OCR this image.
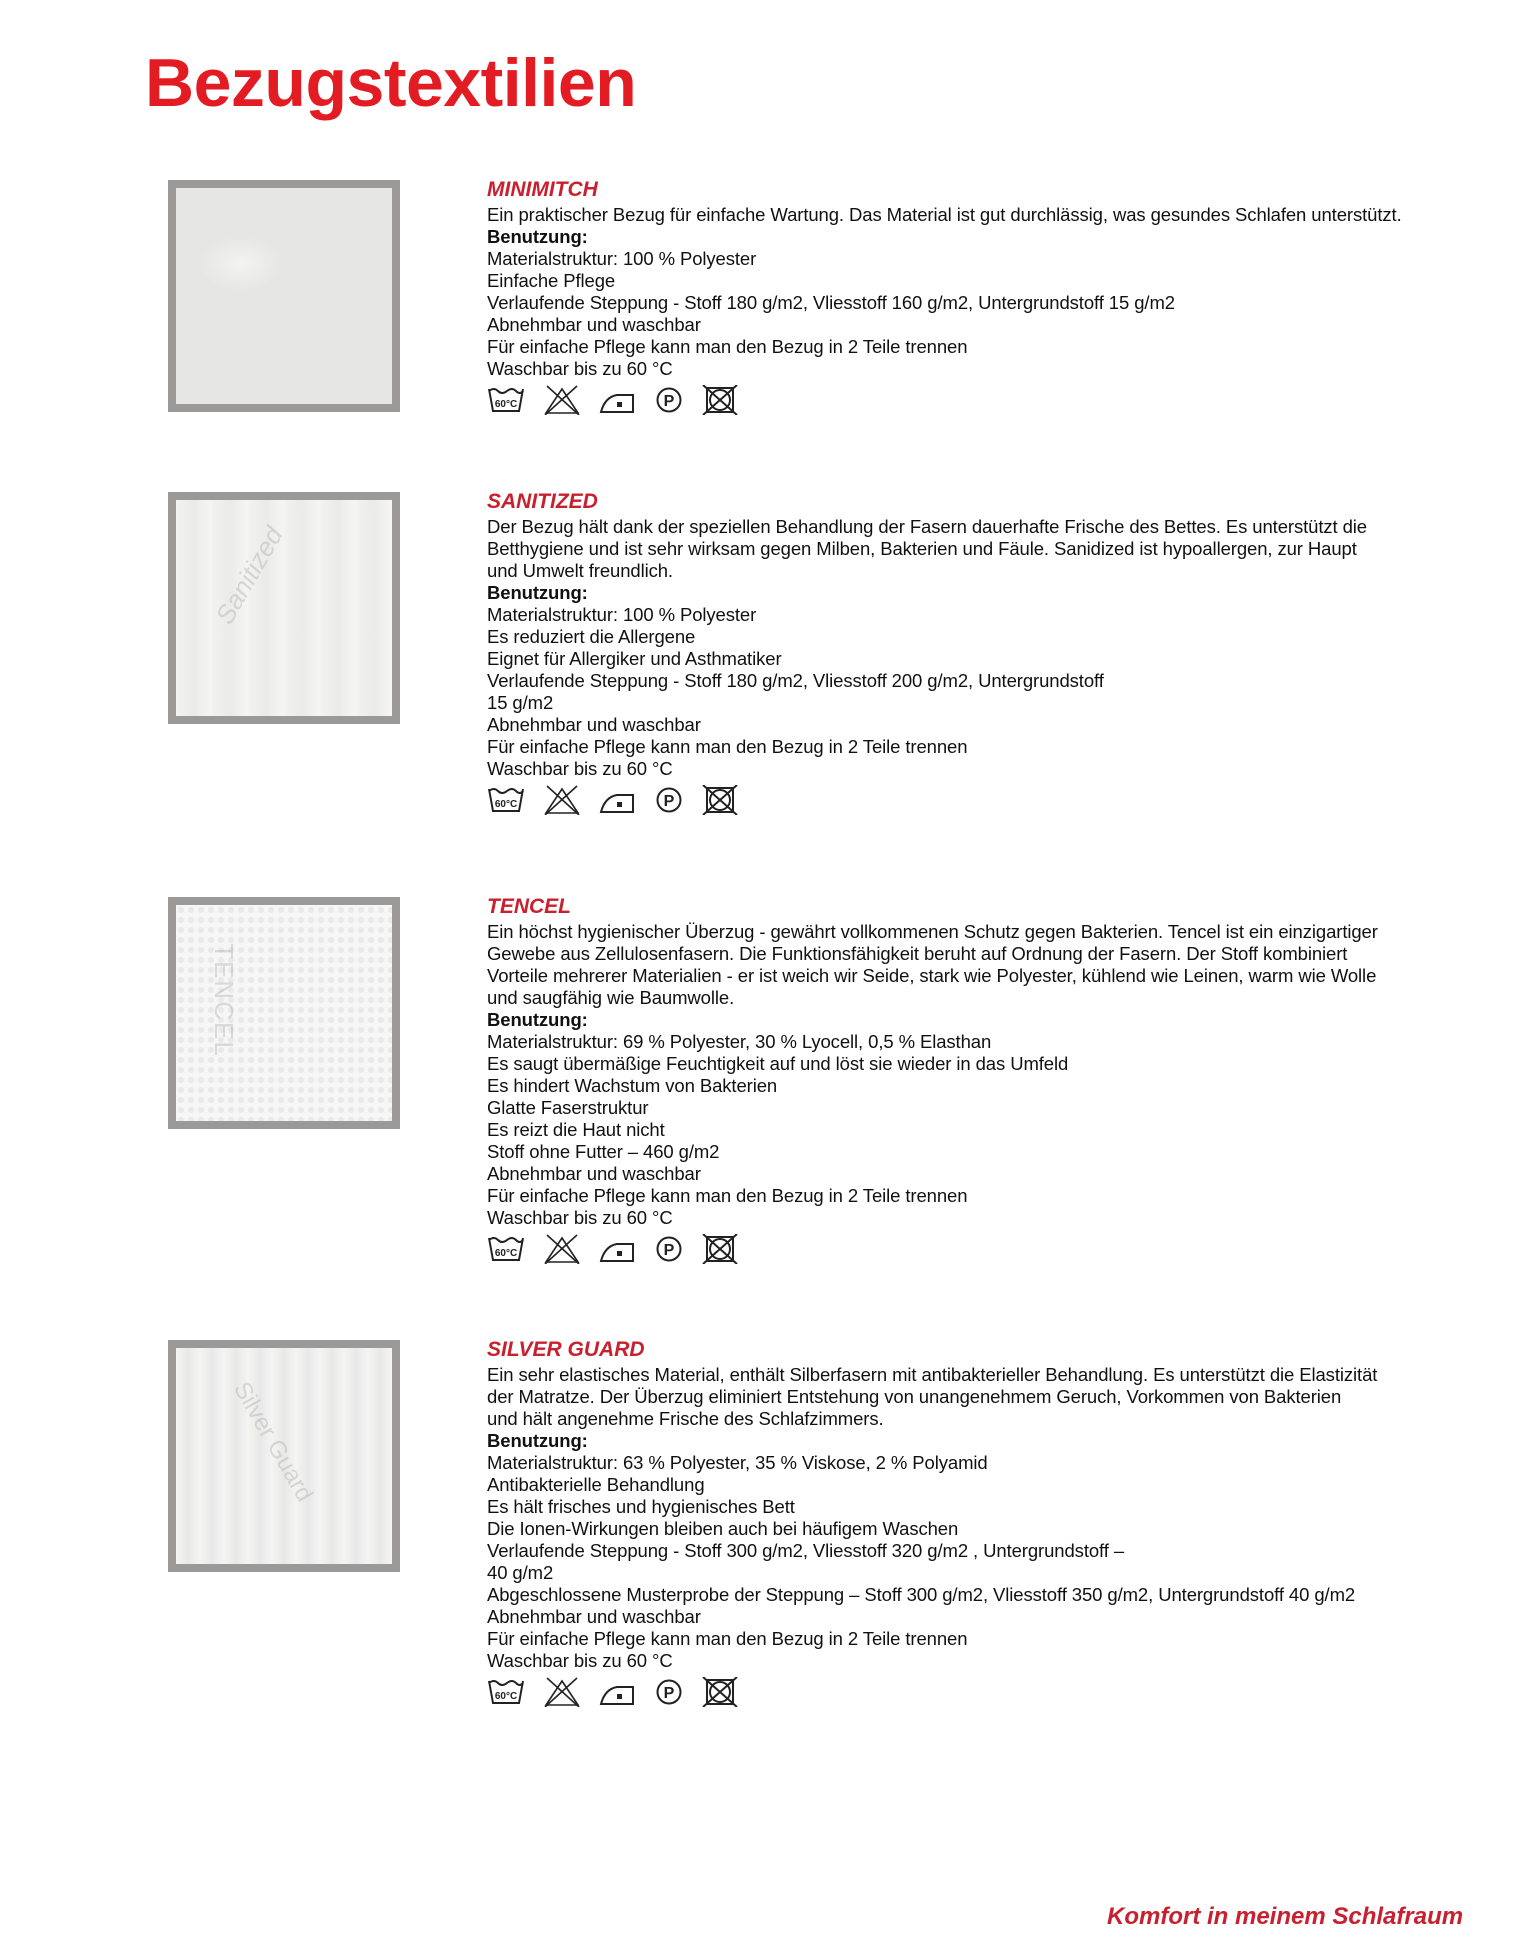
Bezugstextilien
MINIMITCH
Ein praktischer Bezug für einfache Wartung. Das Material ist gut durchlässig, was gesundes Schlafen unterstützt.
Benutzung:
Materialstruktur: 100 % Polyester
Einfache Pflege
Verlaufende Steppung - Stoff 180 g/m2, Vliesstoff 160 g/m2, Untergrundstoff 15 g/m2
Abnehmbar und waschbar
Für einfache Pflege kann man den Bezug in 2 Teile trennen
Waschbar bis zu 60 °C
60°C	P
Sanitized
SANITIZED
Der Bezug hält dank der speziellen Behandlung der Fasern dauerhafte Frische des Bettes. Es unterstützt die
Betthygiene und ist sehr wirksam gegen Milben, Bakterien und Fäule. Sanidized ist hypoallergen, zur Haupt
und Umwelt freundlich.
Benutzung:
Materialstruktur: 100 % Polyester
Es reduziert die Allergene
Eignet für Allergiker und Asthmatiker
Verlaufende Steppung - Stoff 180 g/m2, Vliesstoff 200 g/m2, Untergrundstoff
15 g/m2
Abnehmbar und waschbar
Für einfache Pflege kann man den Bezug in 2 Teile trennen
Waschbar bis zu 60 °C
60°C	P
TENCEL
TENCEL
Ein höchst hygienischer Überzug - gewährt vollkommenen Schutz gegen Bakterien. Tencel ist ein einzigartiger
Gewebe aus Zellulosenfasern. Die Funktionsfähigkeit beruht auf Ordnung der Fasern. Der Stoff kombiniert
Vorteile mehrerer Materialien - er ist weich wir Seide, stark wie Polyester, kühlend wie Leinen, warm wie Wolle
und saugfähig wie Baumwolle.
Benutzung:
Materialstruktur: 69 % Polyester, 30 % Lyocell, 0,5 % Elasthan
Es saugt übermäßige Feuchtigkeit auf und löst sie wieder in das Umfeld
Es hindert Wachstum von Bakterien
Glatte Faserstruktur
Es reizt die Haut nicht
Stoff ohne Futter – 460 g/m2
Abnehmbar und waschbar
Für einfache Pflege kann man den Bezug in 2 Teile trennen
Waschbar bis zu 60 °C
60°C	P
Silver Guard
SILVER GUARD
Ein sehr elastisches Material, enthält Silberfasern mit antibakterieller Behandlung. Es unterstützt die Elastizität
der Matratze. Der Überzug eliminiert Entstehung von unangenehmem Geruch, Vorkommen von Bakterien
und hält angenehme Frische des Schlafzimmers.
Benutzung:
Materialstruktur: 63 % Polyester, 35 % Viskose, 2 % Polyamid
Antibakterielle Behandlung
Es hält frisches und hygienisches Bett
Die Ionen-Wirkungen bleiben auch bei häufigem Waschen
Verlaufende Steppung - Stoff 300 g/m2, Vliesstoff 320 g/m2 , Untergrundstoff –
40 g/m2
Abgeschlossene Musterprobe der Steppung – Stoff 300 g/m2, Vliesstoff 350 g/m2, Untergrundstoff 40 g/m2
Abnehmbar und waschbar
Für einfache Pflege kann man den Bezug in 2 Teile trennen
Waschbar bis zu 60 °C
60°C	P
Komfort in meinem Schlafraum
